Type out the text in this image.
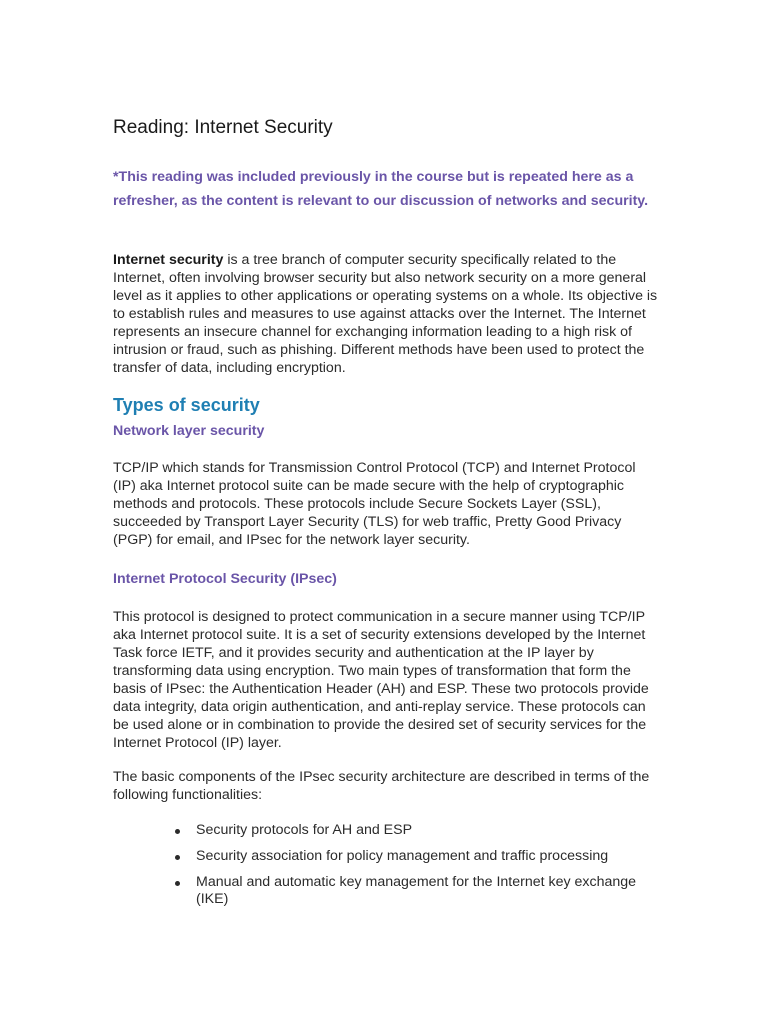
Reading: Internet Security

*This reading was included previously in the course but is repeated here as a refresher, as the content is relevant to our discussion of networks and security.

Internet security is a tree branch of computer security specifically related to the Internet, often involving browser security but also network security on a more general level as it applies to other applications or operating systems on a whole. Its objective is to establish rules and measures to use against attacks over the Internet. The Internet represents an insecure channel for exchanging information leading to a high risk of intrusion or fraud, such as phishing. Different methods have been used to protect the transfer of data, including encryption.

Types of security
Network layer security

TCP/IP which stands for Transmission Control Protocol (TCP) and Internet Protocol (IP) aka Internet protocol suite can be made secure with the help of cryptographic methods and protocols. These protocols include Secure Sockets Layer (SSL), succeeded by Transport Layer Security (TLS) for web traffic, Pretty Good Privacy (PGP) for email, and IPsec for the network layer security.

Internet Protocol Security (IPsec)

This protocol is designed to protect communication in a secure manner using TCP/IP aka Internet protocol suite. It is a set of security extensions developed by the Internet Task force IETF, and it provides security and authentication at the IP layer by transforming data using encryption. Two main types of transformation that form the basis of IPsec: the Authentication Header (AH) and ESP. These two protocols provide data integrity, data origin authentication, and anti-replay service. These protocols can be used alone or in combination to provide the desired set of security services for the Internet Protocol (IP) layer.

The basic components of the IPsec security architecture are described in terms of the following functionalities:

Security protocols for AH and ESP
Security association for policy management and traffic processing
Manual and automatic key management for the Internet key exchange (IKE)
